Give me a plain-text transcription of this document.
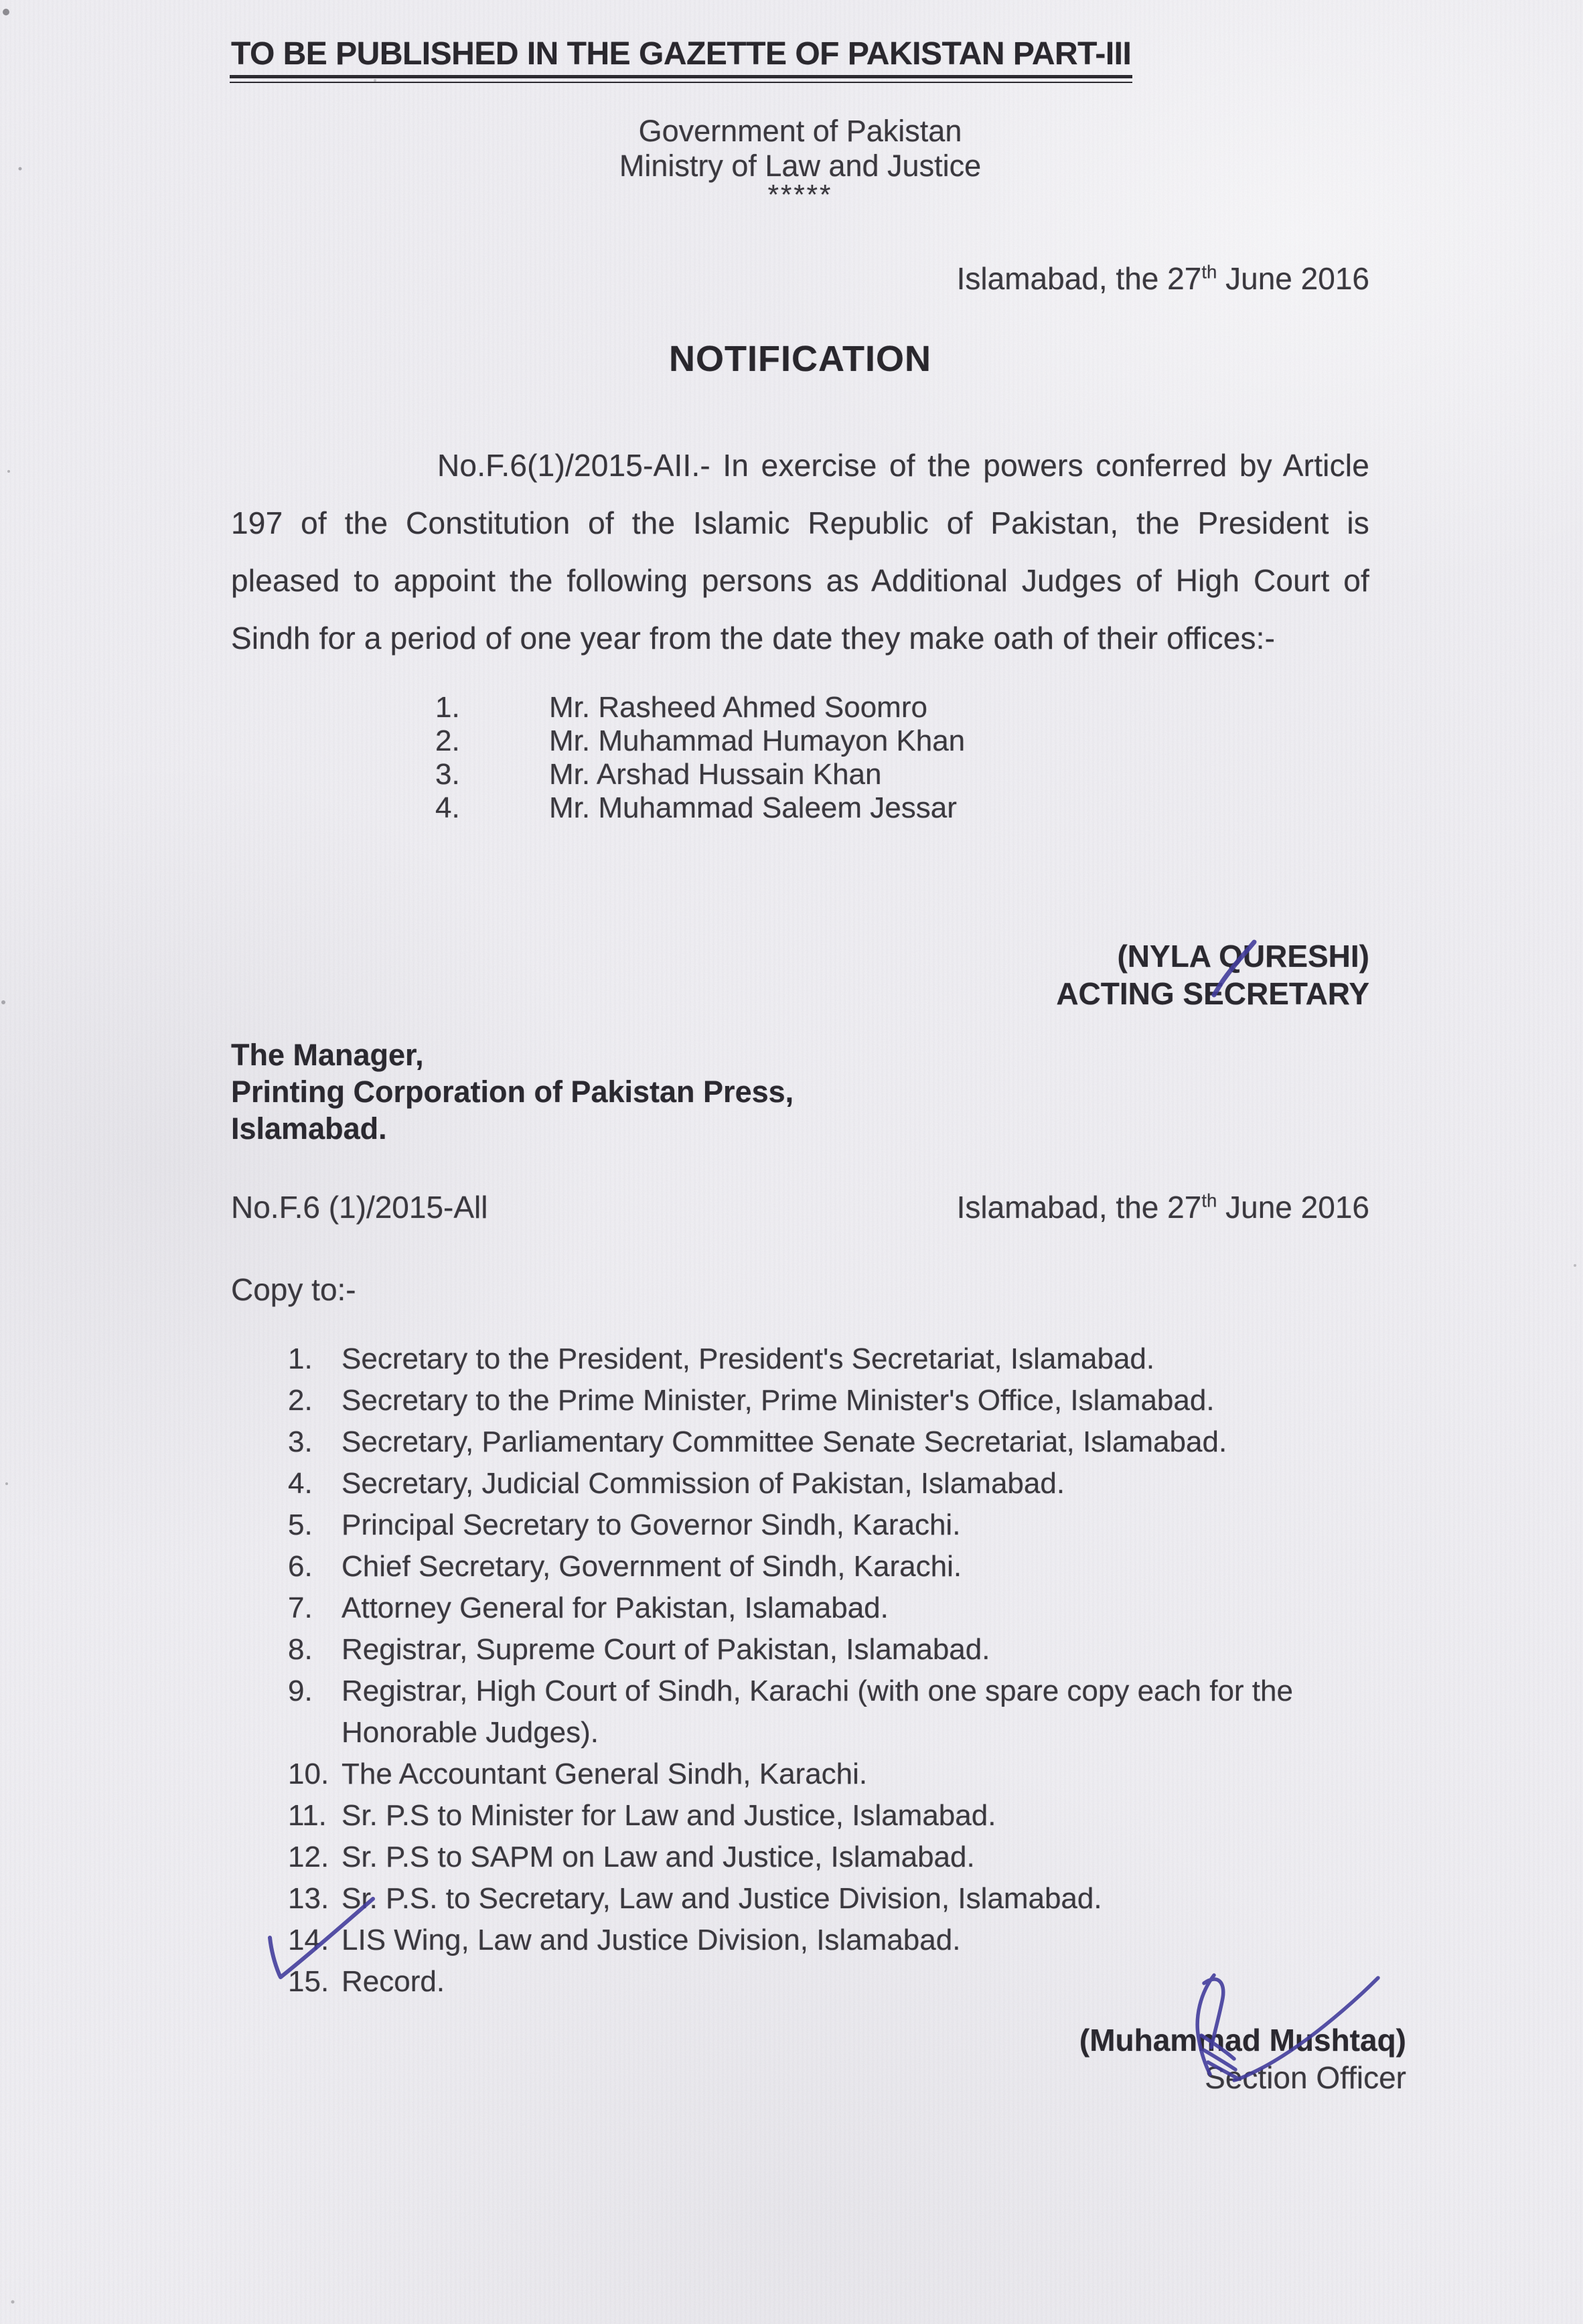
TO BE PUBLISHED IN THE GAZETTE OF PAKISTAN PART-III
Government of Pakistan
Ministry of Law and Justice
*****
Islamabad, the 27th June 2016
NOTIFICATION
No.F.6(1)/2015-AII.- In exercise of the powers conferred by Article 197 of the Constitution of the Islamic Republic of Pakistan, the President is pleased to appoint the following persons as Additional Judges of High Court of Sindh for a period of one year from the date they make oath of their offices:-
1.	Mr. Rasheed Ahmed Soomro
2.	Mr. Muhammad Humayon Khan
3.	Mr. Arshad Hussain Khan
4.	Mr. Muhammad Saleem Jessar
(NYLA QURESHI)
ACTING SECRETARY
The Manager,
Printing Corporation of Pakistan Press,
Islamabad.
No.F.6 (1)/2015-All	Islamabad, the 27th June 2016
Copy to:-
1. Secretary to the President, President's Secretariat, Islamabad.
2. Secretary to the Prime Minister, Prime Minister's Office, Islamabad.
3. Secretary, Parliamentary Committee Senate Secretariat, Islamabad.
4. Secretary, Judicial Commission of Pakistan, Islamabad.
5. Principal Secretary to Governor Sindh, Karachi.
6. Chief Secretary, Government of Sindh, Karachi.
7. Attorney General for Pakistan, Islamabad.
8. Registrar, Supreme Court of Pakistan, Islamabad.
9. Registrar, High Court of Sindh, Karachi (with one spare copy each for the Honorable Judges).
10. The Accountant General Sindh, Karachi.
11. Sr. P.S to Minister for Law and Justice, Islamabad.
12. Sr. P.S to SAPM on Law and Justice, Islamabad.
13. Sr. P.S. to Secretary, Law and Justice Division, Islamabad.
14. LIS Wing, Law and Justice Division, Islamabad.
15. Record.
(Muhammad Mushtaq)
Section Officer
